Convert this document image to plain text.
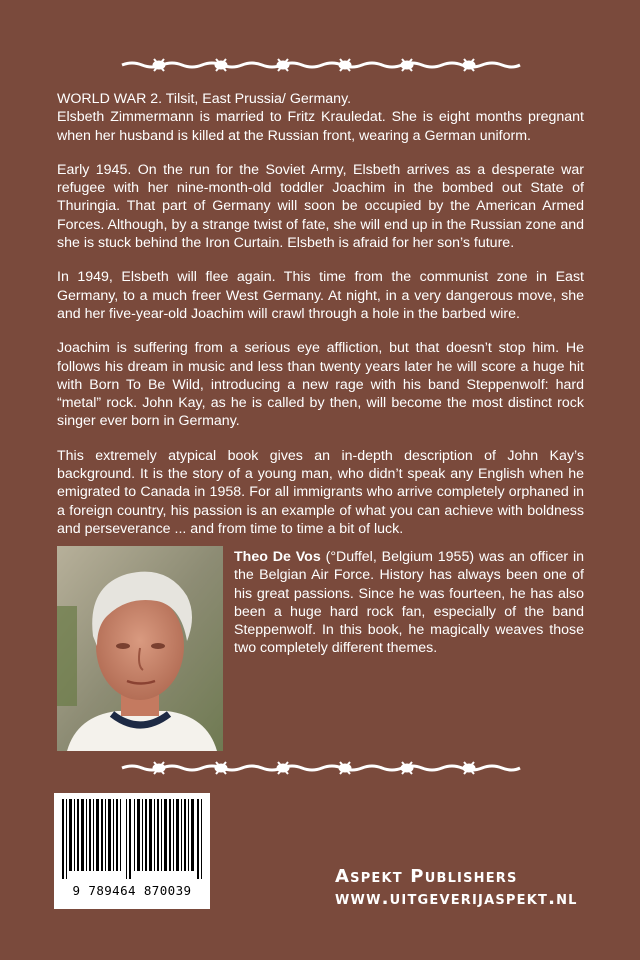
WORLD WAR 2. Tilsit, East Prussia/ Germany.
Elsbeth Zimmermann is married to Fritz Krauledat. She is eight months pregnant when her husband is killed at the Russian front, wearing a German uniform.

Early 1945. On the run for the Soviet Army, Elsbeth arrives as a desperate war refugee with her nine-month-old toddler Joachim in the bombed out State of Thuringia. That part of Germany will soon be occupied by the American Armed Forces. Although, by a strange twist of fate, she will end up in the Russian zone and she is stuck behind the Iron Curtain. Elsbeth is afraid for her son’s future.

In 1949, Elsbeth will flee again. This time from the communist zone in East Germany, to a much freer West Germany. At night, in a very dangerous move, she and her five-year-old Joachim will crawl through a hole in the barbed wire.

Joachim is suffering from a serious eye affliction, but that doesn’t stop him. He follows his dream in music and less than twenty years later he will score a huge hit with Born To Be Wild, introducing a new rage with his band Steppenwolf: hard “metal” rock. John Kay, as he is called by then, will become the most distinct rock singer ever born in Germany.

This extremely atypical book gives an in-depth description of John Kay’s background. It is the story of a young man, who didn’t speak any English when he emigrated to Canada in 1958. For all immigrants who arrive completely orphaned in a foreign country, his passion is an example of what you can achieve with boldness and perseverance ... and from time to time a bit of luck.

Theo De Vos (°Duffel, Belgium 1955) was an officer in the Belgian Air Force. History has always been one of his great passions. Since he was fourteen, he has also been a huge hard rock fan, especially of the band Steppenwolf. In this book, he magically weaves those two completely different themes.
9 789464 870039
Aspekt Publishers
www.uitgeverijaspekt.nl
